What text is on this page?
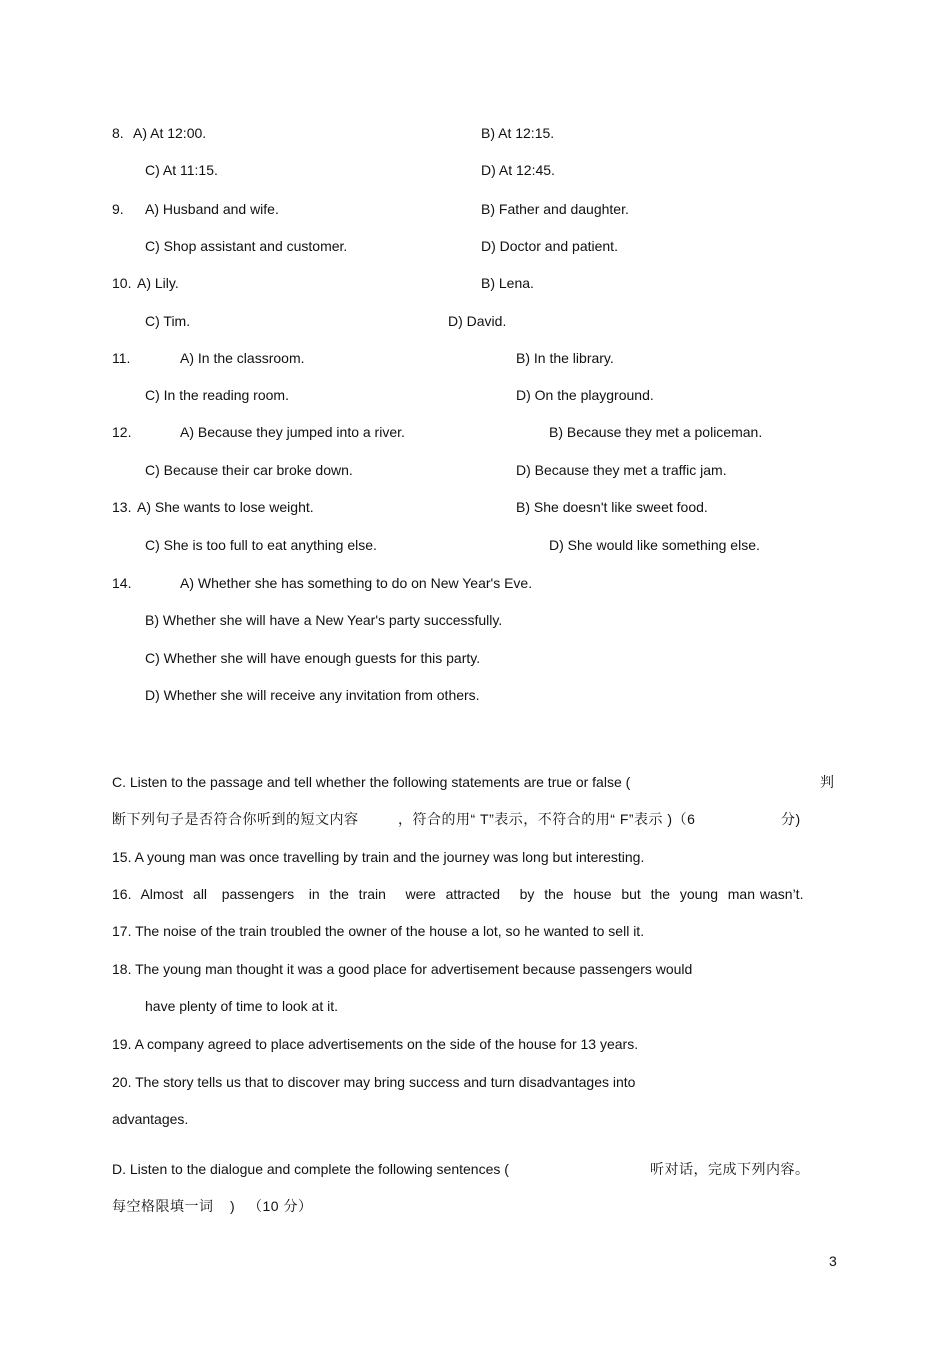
8. A) At 12:00.	B) At 12:15.
C) At 11:15.	D) At 12:45.
9. A) Husband and wife.	B) Father and daughter.
C) Shop assistant and customer.	D) Doctor and patient.
10. A) Lily.	B) Lena.
C) Tim.	D) David.
11.	A) In the classroom.	B) In the library.
C) In the reading room.	D) On the playground.
12.	A) Because they jumped into a river.	B) Because they met a policeman.
C) Because their car broke down.	D) Because they met a traffic jam.
13. A) She wants to lose weight.	B) She doesn't like sweet food.
C) She is too full to eat anything else.	D) She would like something else.
14.	A) Whether she has something to do on New Year's Eve.
B) Whether she will have a New Year's party successfully.
C) Whether she will have enough guests for this party.
D) Whether she will receive any invitation from others.
C. Listen to the passage and tell whether the following statements are true or false (	判
断下列句子是否符合你听到的短文内容	，符合的用“ T”表示，不符合的用“ F”表示 )（6	分)
15. A young man was once travelling by train and the journey was long but interesting.
16.  Almost  all   passengers   in  the  train    were  attracted    by  the  house  but  the  young  man wasn’t.
17. The noise of the train troubled the owner of the house a lot, so he wanted to sell it.
18. The young man thought it was a good place for advertisement because passengers would
have plenty of time to look at it.
19. A company agreed to place advertisements on the side of the house for 13 years.
20. The story tells us that to discover may bring success and turn disadvantages into
advantages.
D. Listen to the dialogue and complete the following sentences (	听对话，完成下列内容。
每空格限填一词 ) （10 分）
3
